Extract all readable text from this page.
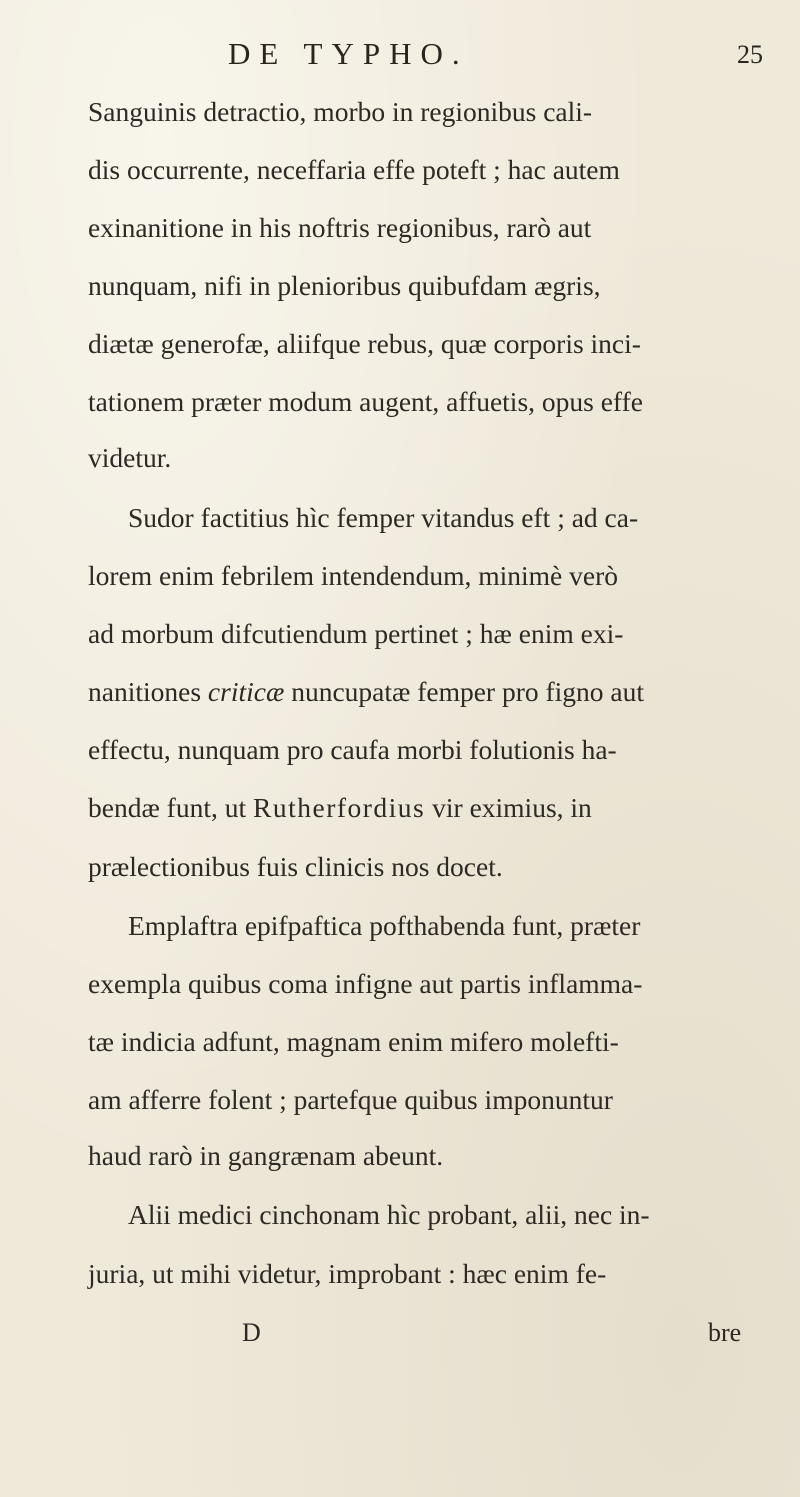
DE TYPHO.	25
Sanguinis detractio, morbo in regionibus cali-
dis occurrente, neceffaria effe poteft ; hac autem
exinanitione in his noftris regionibus, rarò aut
nunquam, nifi in plenioribus quibufdam ægris,
diætæ generofæ, aliifque rebus, quæ corporis inci-
tationem præter modum augent, affuetis, opus effe
videtur.
Sudor factitius hìc femper vitandus eft ; ad ca-
lorem enim febrilem intendendum, minimè verò
ad morbum difcutiendum pertinet ; hæ enim exi-
nanitiones criticæ nuncupatæ femper pro figno aut
effectu, nunquam pro caufa morbi folutionis ha-
bendæ funt, ut Rutherfordius vir eximius, in
prælectionibus fuis clinicis nos docet.
Emplaftra epifpaftica pofthabenda funt, præter
exempla quibus coma infigne aut partis inflamma-
tæ indicia adfunt, magnam enim mifero molefti-
am afferre folent ; partefque quibus imponuntur
haud rarò in gangrænam abeunt.
Alii medici cinchonam hìc probant, alii, nec in-
juria, ut mihi videtur, improbant : hæc enim fe-
D	bre
